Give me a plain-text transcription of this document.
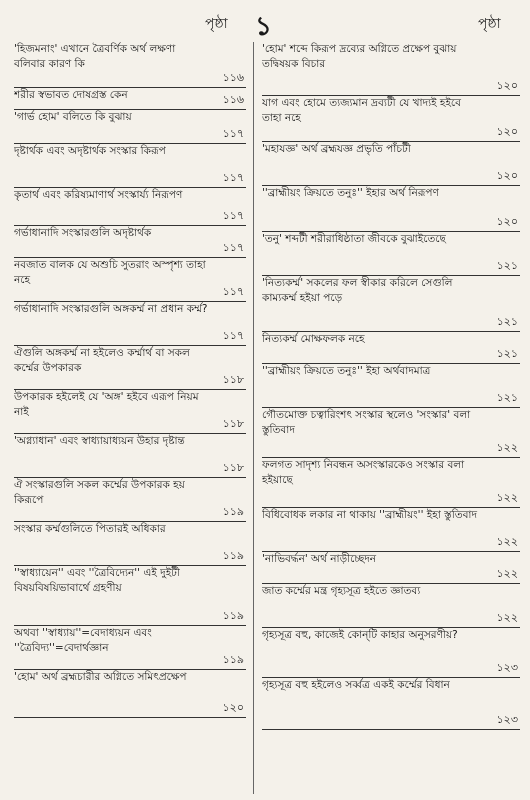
পৃষ্ঠা ১	পৃষ্ঠা
'হিজমনাং' এখানে ত্রৈবর্ণিক অর্থ লক্ষণা বলিবার কারণ কি
১১৬
শরীর স্বভাবত দোষগ্রস্ত কেন	১১৬
'গার্ভ হোম' বলিতে কি বুঝায়
১১৭
দৃষ্টার্থক এবং অদৃষ্টার্থক সংস্কার কিরূপ
১১৭
কৃতার্থ এবং করিষ্যমাণার্থ সংস্কার্য্য নিরূপণ
১১৭
গর্ভাধানাদি সংস্কারগুলি অদৃষ্টার্থক
১১৭
নবজাত বালক যে অশুচি সুতরাং অস্পৃশ্য তাহা নহে
১১৭
গর্ভাধানাদি সংস্কারগুলি অঙ্গকর্ম্ম না প্রধান কর্ম্ম?
১১৭
ঐগুলি অঙ্গকর্ম্ম না হইলেও কর্ম্মার্থ বা সকল কর্ম্মের উপকারক
১১৮
উপকারক হইলেই যে 'অঙ্গ' হইবে এরূপ নিয়ম নাই
১১৮
'অগ্ন্যাধান' এবং স্বাধ্যায়াধ্যয়ন উহার দৃষ্টান্ত
১১৮
ঐ সংস্কারগুলি সকল কর্ম্মের উপকারক হয় কিরূপে
১১৯
সংস্কার কর্ম্মগুলিতে পিতারই অধিকার
১১৯
''স্বাধ্যায়েন'' এবং ''ত্রৈবিদ্যেন'' এই দুইটী বিষয়বিষয়িভাবার্থে গ্রহণীয়
১১৯
অথবা ''স্বাধ্যায়''=বেদাধ্যয়ন এবং ''ত্রৈবিদ্য''=বেদার্থজ্ঞান
১১৯
'হোম' অর্থ ব্রহ্মচারীর অগ্নিতে সমিৎপ্রক্ষেপ
১২০
'হোম' শব্দে কিরূপ দ্রব্যের অগ্নিতে প্রক্ষেপ বুঝায় তদ্বিষয়ক বিচার
১২০
যাগ এবং হোমে ত্যজ্যমান দ্রব্যটী যে খাদ্যই হইবে তাহা নহে
১২০
'মহাযজ্ঞ' অর্থ ব্রহ্মযজ্ঞ প্রভৃতি পাঁচটী
১২০
''ব্রাহ্মীয়ং ক্রিয়তে তনুঃ'' ইহার অর্থ নিরূপণ
১২০
'তনু' শব্দটী শরীরাধিষ্ঠাতা জীবকে বুঝাইতেছে
১২১
'নিত্যকর্ম্ম' সকলের ফল স্বীকার করিলে সেগুলি কাম্যকর্ম্ম হইয়া পড়ে
১২১
নিত্যকর্ম্ম মোক্ষফলক নহে
১২১
''ব্রাহ্মীয়ং ক্রিয়তে তনুঃ'' ইহা অর্থবাদমাত্র
১২১
গৌতমোক্ত চত্বারিংশৎ সংস্কার স্থলেও 'সংস্কার' বলা স্তুতিবাদ
১২২
ফলগত সাদৃশ্য নিবন্ধন অসংস্কারকেও সংস্কার বলা হইয়াছে
১২২
বিধিবোধক লকার না থাকায় ''ব্রাহ্মীয়ং'' ইহা স্তুতিবাদ
১২২
'নাভিবর্দ্ধন' অর্থ নাড়ীচ্ছেদন
১২২
জাত কর্ম্মের মন্ত্র গৃহ্যসূত্র হইতে জ্ঞাতব্য
১২২
গৃহ্যসূত্র বহু, কাজেই কোন্‌টি কাহার অনুসরণীয়?
১২৩
গৃহ্যসূত্র বহু হইলেও সর্ব্বত্র একই কর্ম্মের বিধান
১২৩
